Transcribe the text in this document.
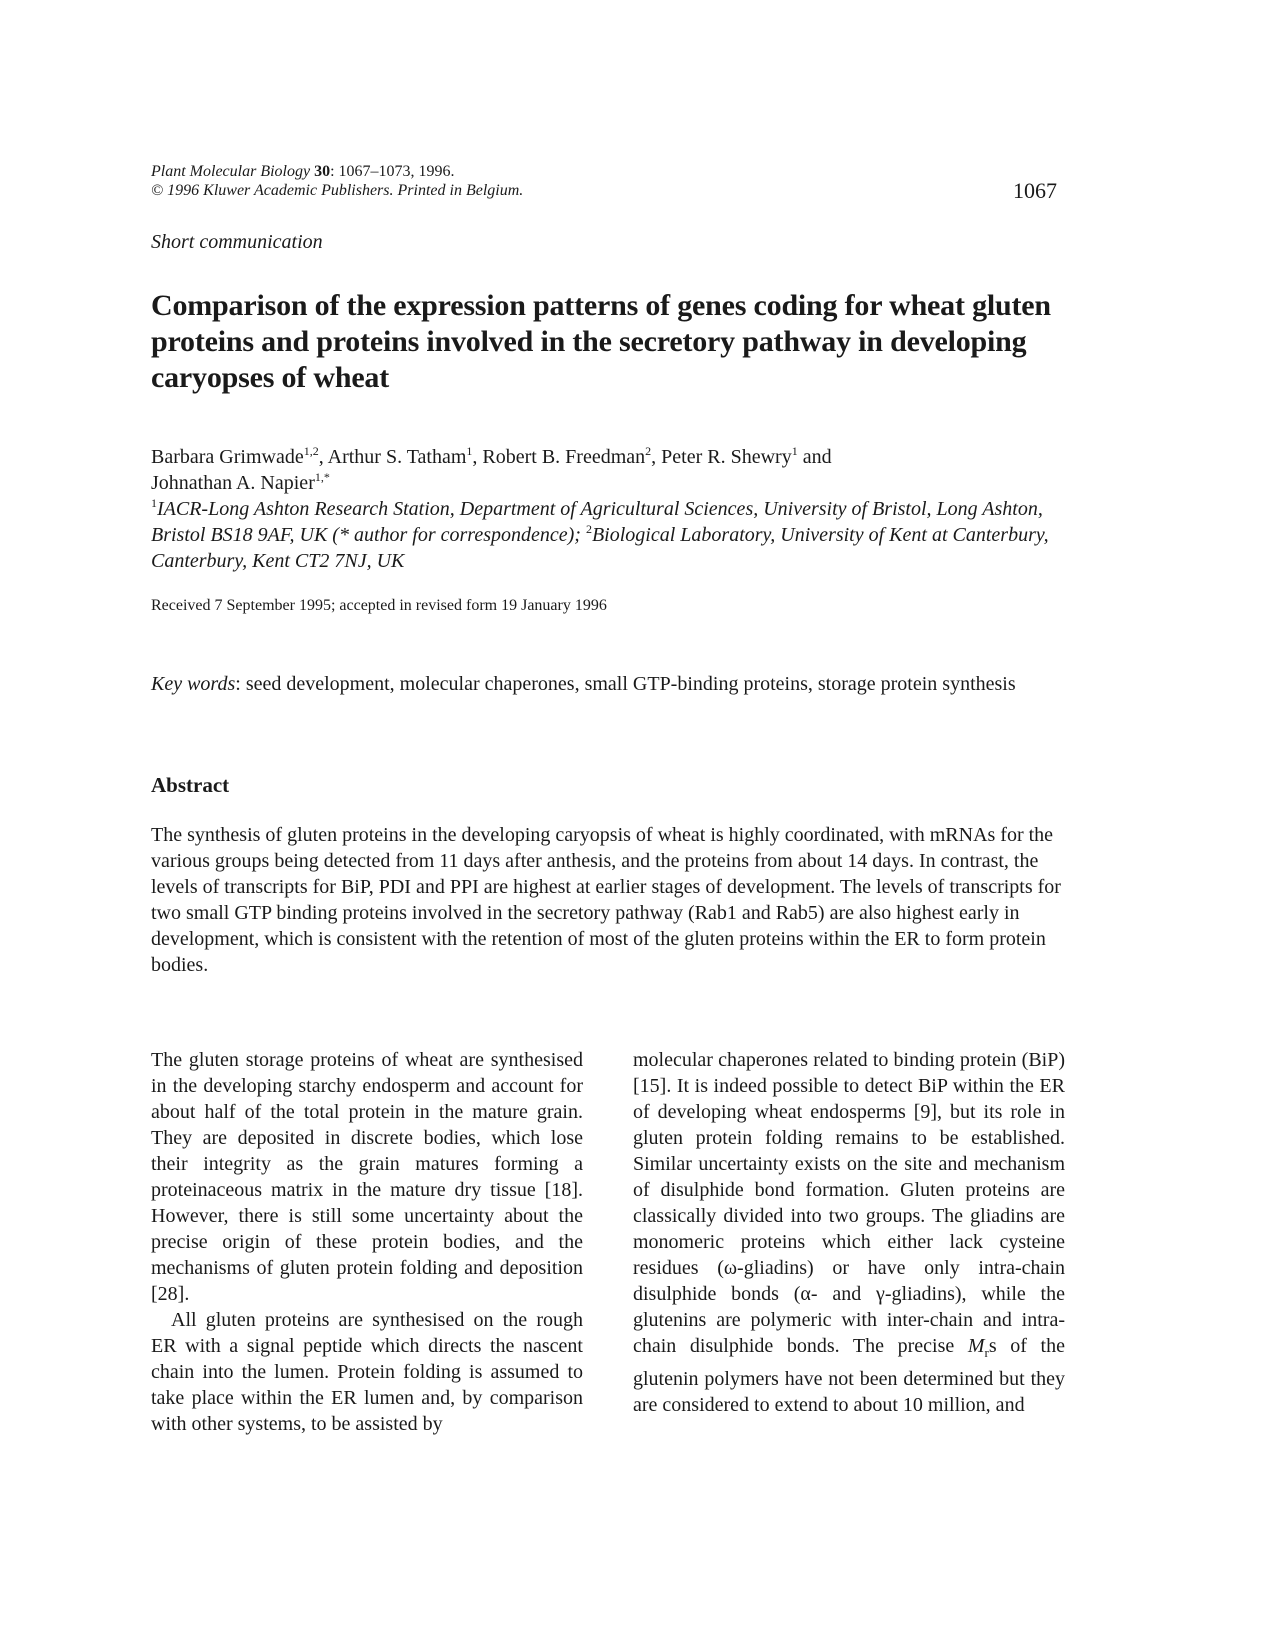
Plant Molecular Biology 30: 1067–1073, 1996.
© 1996 Kluwer Academic Publishers. Printed in Belgium.	1067
Short communication
Comparison of the expression patterns of genes coding for wheat gluten proteins and proteins involved in the secretory pathway in developing caryopses of wheat
Barbara Grimwade$^{1,2}$, Arthur S. Tatham$^1$, Robert B. Freedman$^2$, Peter R. Shewry$^1$ and
Johnathan A. Napier$^{1,*}$
$^1$IACR-Long Ashton Research Station, Department of Agricultural Sciences, University of Bristol, Long Ashton, Bristol BS18 9AF, UK (* author for correspondence); $^2$Biological Laboratory, University of Kent at Canterbury, Canterbury, Kent CT2 7NJ, UK
Received 7 September 1995; accepted in revised form 19 January 1996
Key words: seed development, molecular chaperones, small GTP-binding proteins, storage protein synthesis
Abstract
The synthesis of gluten proteins in the developing caryopsis of wheat is highly coordinated, with mRNAs for the various groups being detected from 11 days after anthesis, and the proteins from about 14 days. In contrast, the levels of transcripts for BiP, PDI and PPI are highest at earlier stages of development. The levels of transcripts for two small GTP binding proteins involved in the secretory pathway (Rab1 and Rab5) are also highest early in development, which is consistent with the retention of most of the gluten proteins within the ER to form protein bodies.

The gluten storage proteins of wheat are synthesised in the developing starchy endosperm and account for about half of the total protein in the mature grain. They are deposited in discrete bodies, which lose their integrity as the grain matures forming a proteinaceous matrix in the mature dry tissue [18]. However, there is still some uncertainty about the precise origin of these protein bodies, and the mechanisms of gluten protein folding and deposition [28].

All gluten proteins are synthesised on the rough ER with a signal peptide which directs the nascent chain into the lumen. Protein folding is assumed to take place within the ER lumen and, by comparison with other systems, to be assisted by

molecular chaperones related to binding protein (BiP) [15]. It is indeed possible to detect BiP within the ER of developing wheat endosperms [9], but its role in gluten protein folding remains to be established. Similar uncertainty exists on the site and mechanism of disulphide bond formation. Gluten proteins are classically divided into two groups. The gliadins are monomeric proteins which either lack cysteine residues (ω-gliadins) or have only intra-chain disulphide bonds (α- and γ-gliadins), while the glutenins are polymeric with inter-chain and intra-chain disulphide bonds. The precise $M_rs$ of the glutenin polymers have not been determined but they are considered to extend to about 10 million, and
